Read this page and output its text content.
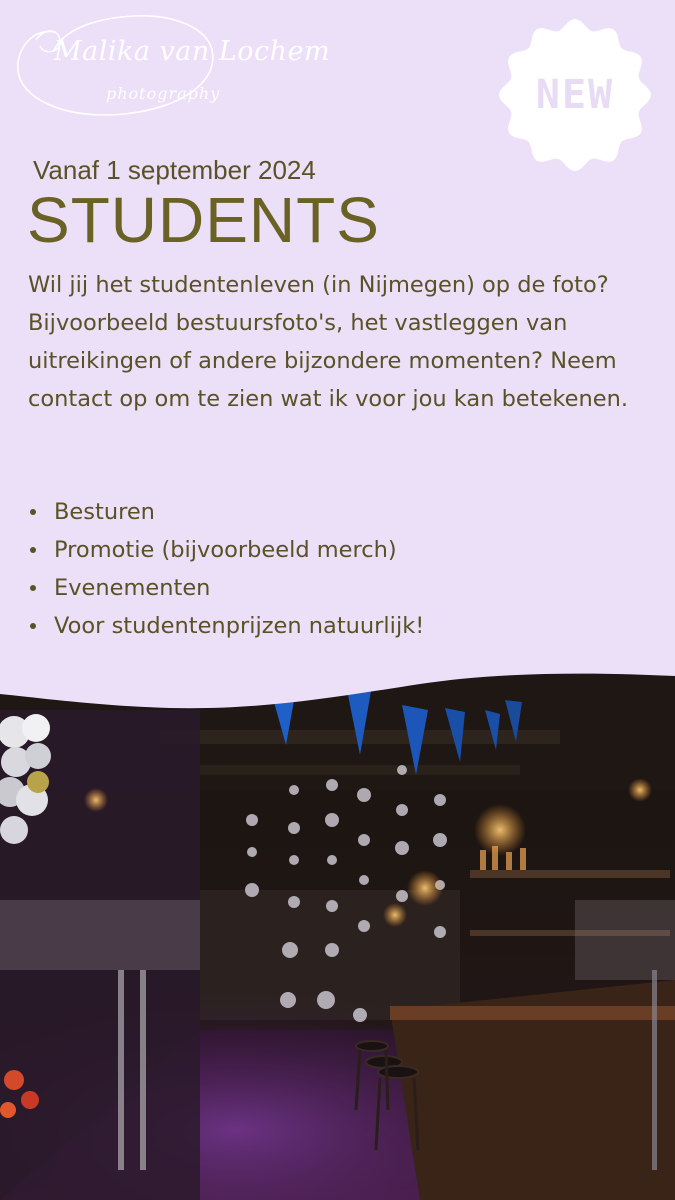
Malika van Lochem
photography	NEW
Vanaf 1 september 2024
STUDENTS

Wil jij het studentenleven (in Nijmegen) op de foto? Bijvoorbeeld bestuursfoto's, het vastleggen van uitreikingen of andere bijzondere momenten? Neem contact op om te zien wat ik voor jou kan betekenen.

Besturen
Promotie (bijvoorbeeld merch)
Evenementen
Voor studentenprijzen natuurlijk!
